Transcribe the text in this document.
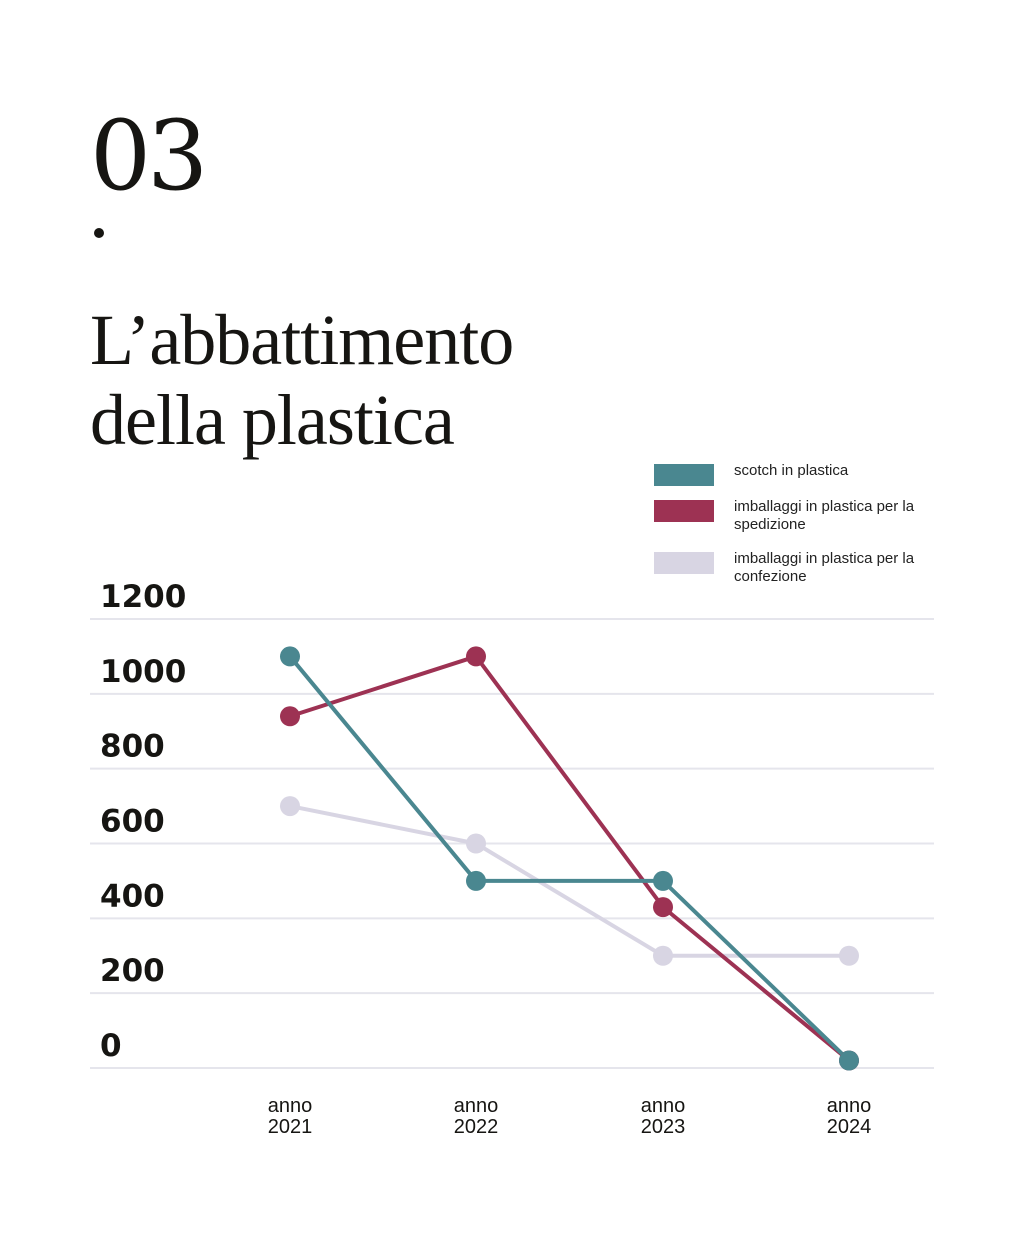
03
L’abbattimento
della plastica
scotch in plastica
imballaggi in plastica per la spedizione
imballaggi in plastica per la confezione
1200
1000
800
600
400
200
0
anno 2021
anno 2022
anno 2023
anno 2024
